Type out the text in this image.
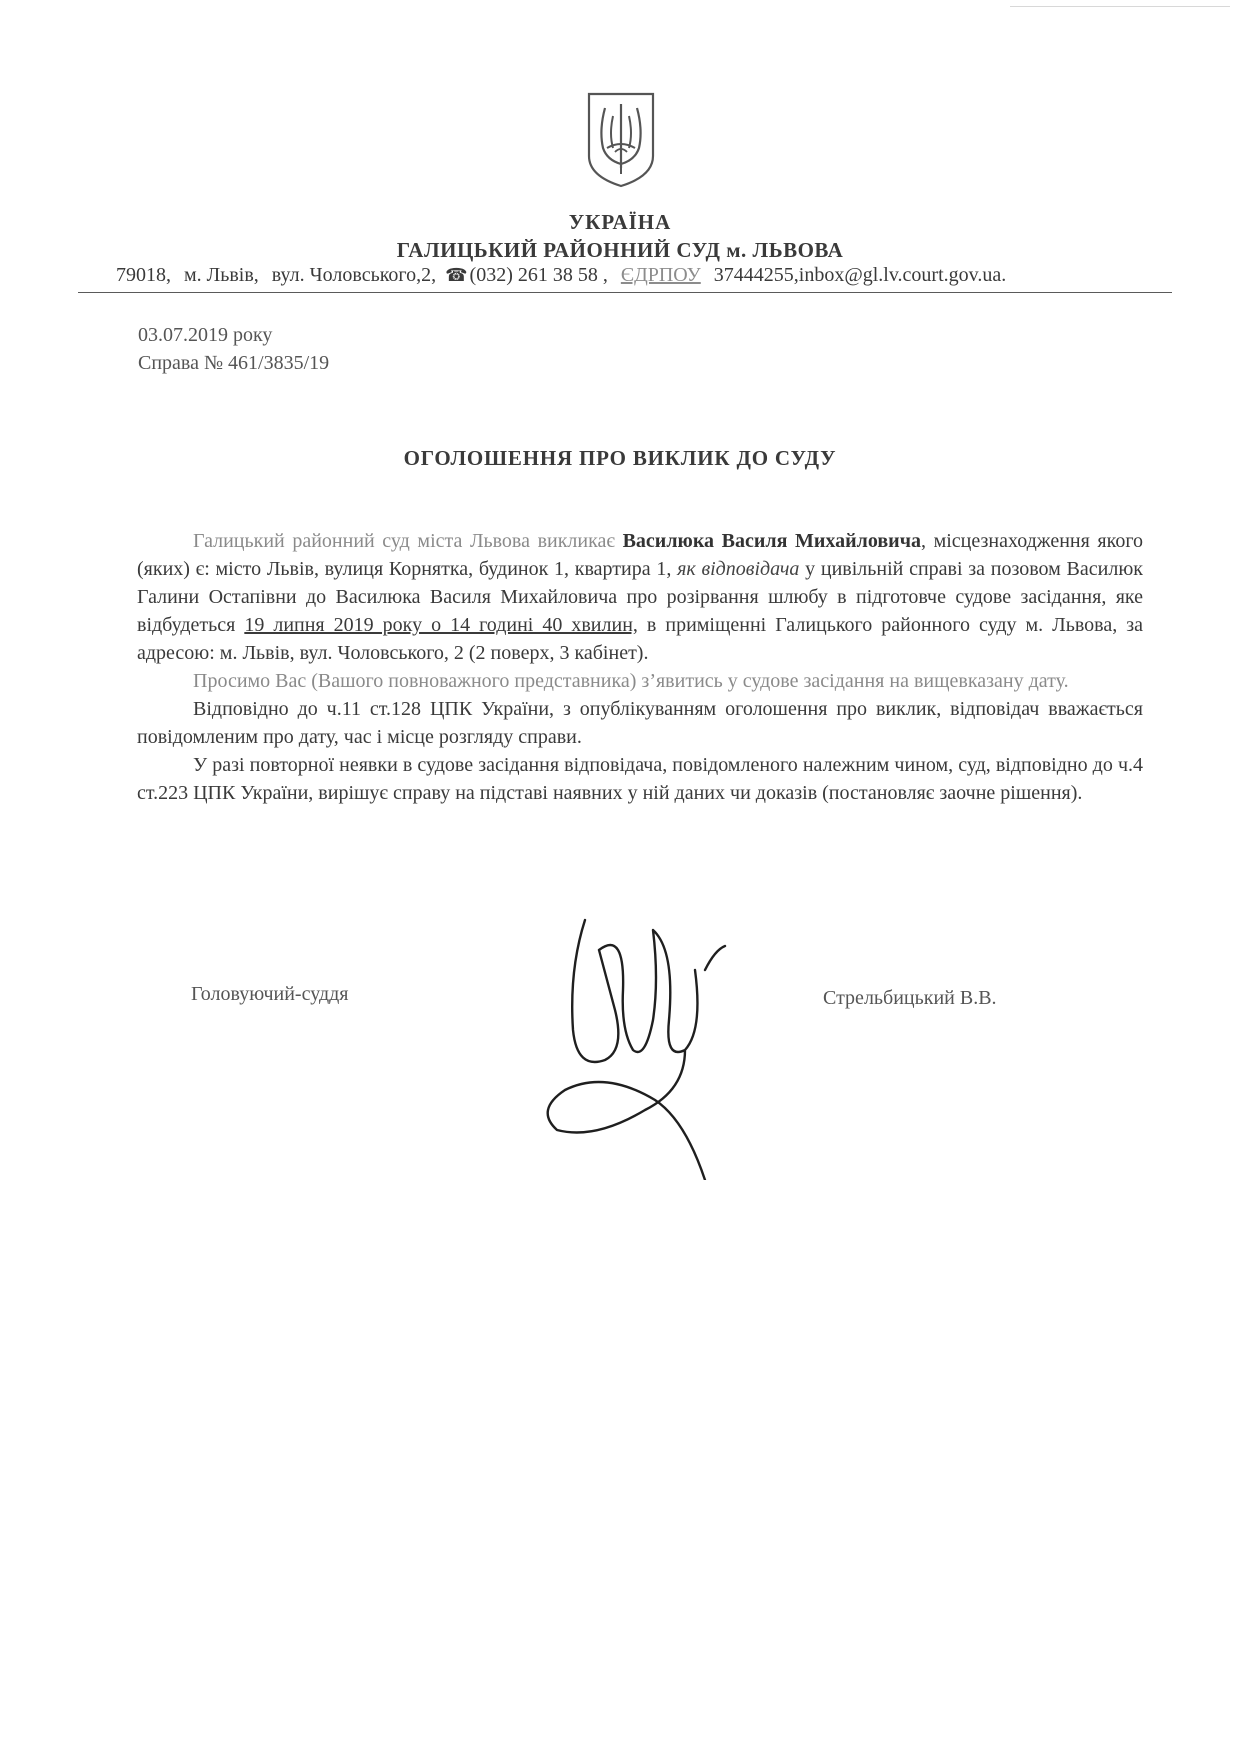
УКРАЇНА
ГАЛИЦЬКИЙ РАЙОННИЙ СУД м. ЛЬВОВА
79018, м. Львів, вул. Чоловського,2, ☎ (032) 261 38 58 , ЄДРПОУ 37444255,inbox@gl.lv.court.gov.ua.
03.07.2019 року
Справа № 461/3835/19
ОГОЛОШЕННЯ ПРО ВИКЛИК ДО СУДУ

Галицький районний суд міста Львова викликає Василюка Василя Михайловича, місцезнаходження якого (яких) є: місто Львів, вулиця Корнятка, будинок 1, квартира 1, як відповідача у цивільній справі за позовом Василюк Галини Остапівни до Василюка Василя Михайловича про розірвання шлюбу в підготовче судове засідання, яке відбудеться 19 липня 2019 року о 14 годині 40 хвилин, в приміщенні Галицького районного суду м. Львова, за адресою: м. Львів, вул. Чоловського, 2 (2 поверх, 3 кабінет).

Просимо Вас (Вашого повноважного представника) з’явитись у судове засідання на вищевказану дату.

Відповідно до ч.11 ст.128 ЦПК України, з опублікуванням оголошення про виклик, відповідач вважається повідомленим про дату, час і місце розгляду справи.

У разі повторної неявки в судове засідання відповідача, повідомленого належним чином, суд, відповідно до ч.4 ст.223 ЦПК України, вирішує справу на підставі наявних у ній даних чи доказів (постановляє заочне рішення).

Головуючий-суддя	Стрельбицький В.В.
